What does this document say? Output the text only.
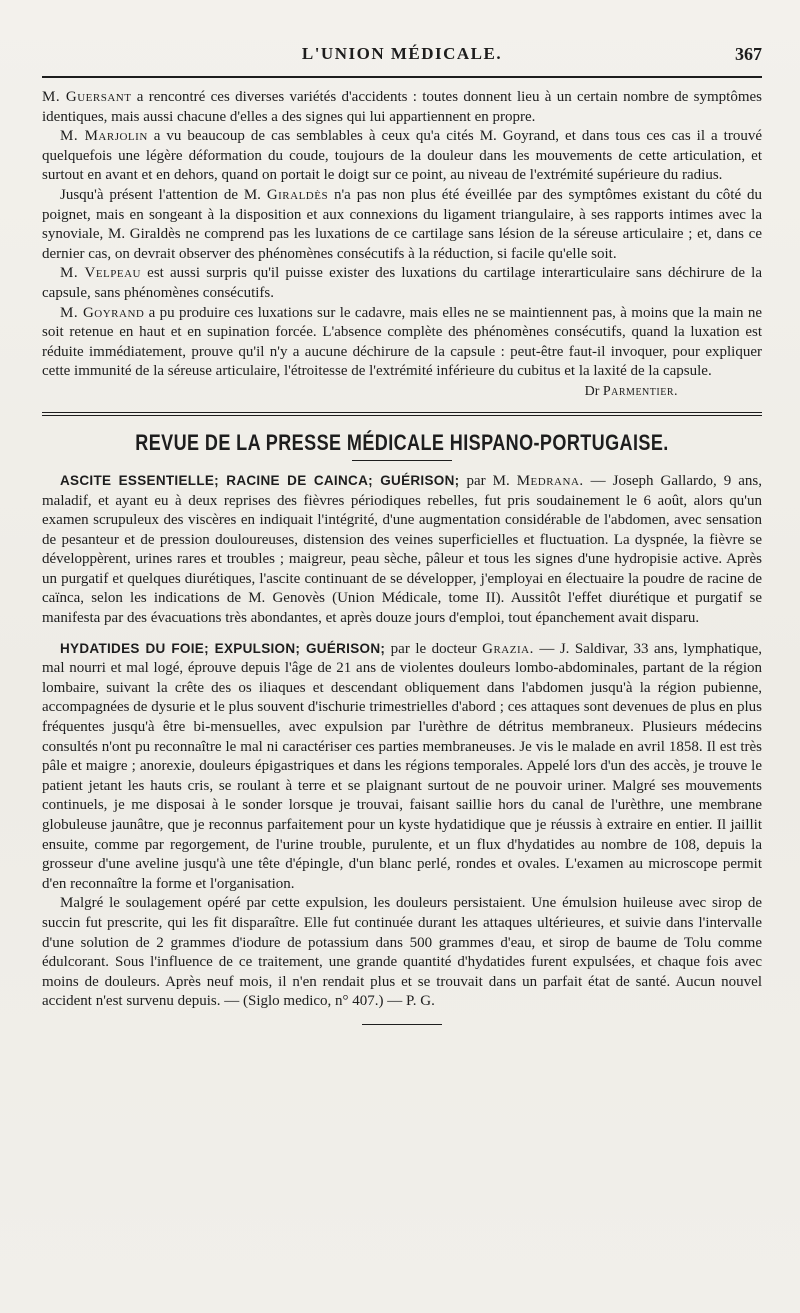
L'UNION MÉDICALE.	367

M. Guersant a rencontré ces diverses variétés d'accidents : toutes donnent lieu à un certain nombre de symptômes identiques, mais aussi chacune d'elles a des signes qui lui appartiennent en propre.

M. Marjolin a vu beaucoup de cas semblables à ceux qu'a cités M. Goyrand, et dans tous ces cas il a trouvé quelquefois une légère déformation du coude, toujours de la douleur dans les mouvements de cette articulation, et surtout en avant et en dehors, quand on portait le doigt sur ce point, au niveau de l'extrémité supérieure du radius.

Jusqu'à présent l'attention de M. Giraldès n'a pas non plus été éveillée par des symptômes existant du côté du poignet, mais en songeant à la disposition et aux connexions du ligament triangulaire, à ses rapports intimes avec la synoviale, M. Giraldès ne comprend pas les luxations de ce cartilage sans lésion de la séreuse articulaire ; et, dans ce dernier cas, on devrait observer des phénomènes consécutifs à la réduction, si facile qu'elle soit.

M. Velpeau est aussi surpris qu'il puisse exister des luxations du cartilage interarticulaire sans déchirure de la capsule, sans phénomènes consécutifs.

M. Goyrand a pu produire ces luxations sur le cadavre, mais elles ne se maintiennent pas, à moins que la main ne soit retenue en haut et en supination forcée. L'absence complète des phénomènes consécutifs, quand la luxation est réduite immédiatement, prouve qu'il n'y a aucune déchirure de la capsule : peut-être faut-il invoquer, pour expliquer cette immunité de la séreuse articulaire, l'étroitesse de l'extrémité inférieure du cubitus et la laxité de la capsule.

Dr Parmentier.
REVUE DE LA PRESSE MÉDICALE HISPANO-PORTUGAISE.

ASCITE ESSENTIELLE; RACINE DE CAINCA; GUÉRISON; par M. Medrana. — Joseph Gallardo, 9 ans, maladif, et ayant eu à deux reprises des fièvres périodiques rebelles, fut pris soudainement le 6 août, alors qu'un examen scrupuleux des viscères en indiquait l'intégrité, d'une augmentation considérable de l'abdomen, avec sensation de pesanteur et de pression douloureuses, distension des veines superficielles et fluctuation. La dyspnée, la fièvre se développèrent, urines rares et troubles ; maigreur, peau sèche, pâleur et tous les signes d'une hydropisie active. Après un purgatif et quelques diurétiques, l'ascite continuant de se développer, j'employai en électuaire la poudre de racine de caïnca, selon les indications de M. Genovès (Union Médicale, tome II). Aussitôt l'effet diurétique et purgatif se manifesta par des évacuations très abondantes, et après douze jours d'emploi, tout épanchement avait disparu.

HYDATIDES DU FOIE; EXPULSION; GUÉRISON; par le docteur Grazia. — J. Saldivar, 33 ans, lymphatique, mal nourri et mal logé, éprouve depuis l'âge de 21 ans de violentes douleurs lombo-abdominales, partant de la région lombaire, suivant la crête des os iliaques et descendant obliquement dans l'abdomen jusqu'à la région pubienne, accompagnées de dysurie et le plus souvent d'ischurie trimestrielles d'abord ; ces attaques sont devenues de plus en plus fréquentes jusqu'à être bi-mensuelles, avec expulsion par l'urèthre de détritus membraneux. Plusieurs médecins consultés n'ont pu reconnaître le mal ni caractériser ces parties membraneuses. Je vis le malade en avril 1858. Il est très pâle et maigre ; anorexie, douleurs épigastriques et dans les régions temporales. Appelé lors d'un des accès, je trouve le patient jetant les hauts cris, se roulant à terre et se plaignant surtout de ne pouvoir uriner. Malgré ses mouvements continuels, je me disposai à le sonder lorsque je trouvai, faisant saillie hors du canal de l'urèthre, une membrane globuleuse jaunâtre, que je reconnus parfaitement pour un kyste hydatidique que je réussis à extraire en entier. Il jaillit ensuite, comme par regorgement, de l'urine trouble, purulente, et un flux d'hydatides au nombre de 108, depuis la grosseur d'une aveline jusqu'à une tête d'épingle, d'un blanc perlé, rondes et ovales. L'examen au microscope permit d'en reconnaître la forme et l'organisation.

Malgré le soulagement opéré par cette expulsion, les douleurs persistaient. Une émulsion huileuse avec sirop de succin fut prescrite, qui les fit disparaître. Elle fut continuée durant les attaques ultérieures, et suivie dans l'intervalle d'une solution de 2 grammes d'iodure de potassium dans 500 grammes d'eau, et sirop de baume de Tolu comme édulcorant. Sous l'influence de ce traitement, une grande quantité d'hydatides furent expulsées, et chaque fois avec moins de douleurs. Après neuf mois, il n'en rendait plus et se trouvait dans un parfait état de santé. Aucun nouvel accident n'est survenu depuis. — (Siglo medico, n° 407.) — P. G.
